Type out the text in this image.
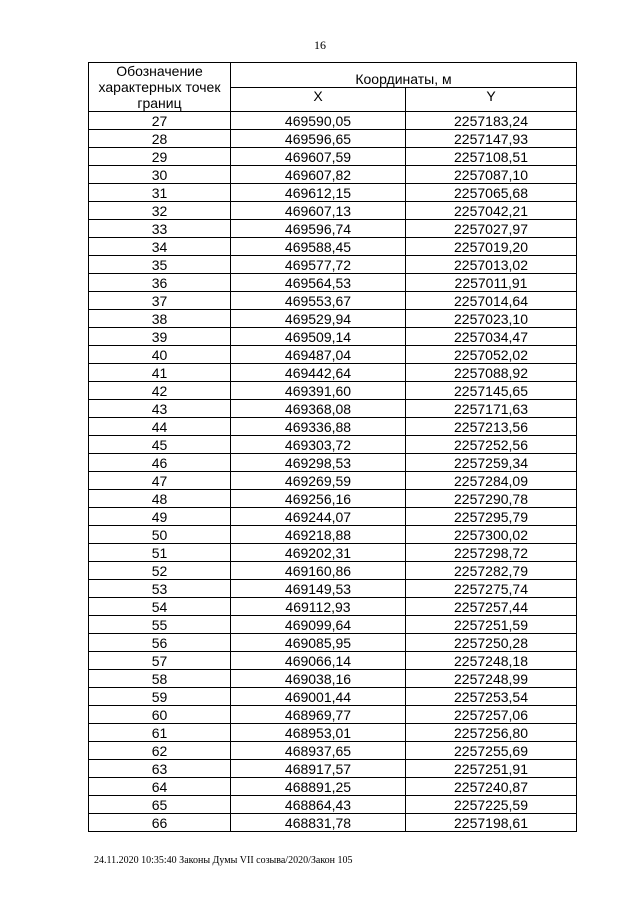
16
Обозначение характерных точек границ	Координаты, м	
	X	Y
27	469590,05	2257183,24
28	469596,65	2257147,93
29	469607,59	2257108,51
30	469607,82	2257087,10
31	469612,15	2257065,68
32	469607,13	2257042,21
33	469596,74	2257027,97
34	469588,45	2257019,20
35	469577,72	2257013,02
36	469564,53	2257011,91
37	469553,67	2257014,64
38	469529,94	2257023,10
39	469509,14	2257034,47
40	469487,04	2257052,02
41	469442,64	2257088,92
42	469391,60	2257145,65
43	469368,08	2257171,63
44	469336,88	2257213,56
45	469303,72	2257252,56
46	469298,53	2257259,34
47	469269,59	2257284,09
48	469256,16	2257290,78
49	469244,07	2257295,79
50	469218,88	2257300,02
51	469202,31	2257298,72
52	469160,86	2257282,79
53	469149,53	2257275,74
54	469112,93	2257257,44
55	469099,64	2257251,59
56	469085,95	2257250,28
57	469066,14	2257248,18
58	469038,16	2257248,99
59	469001,44	2257253,54
60	468969,77	2257257,06
61	468953,01	2257256,80
62	468937,65	2257255,69
63	468917,57	2257251,91
64	468891,25	2257240,87
65	468864,43	2257225,59
66	468831,78	2257198,61
24.11.2020 10:35:40 Законы Думы VII созыва/2020/Закон 105
